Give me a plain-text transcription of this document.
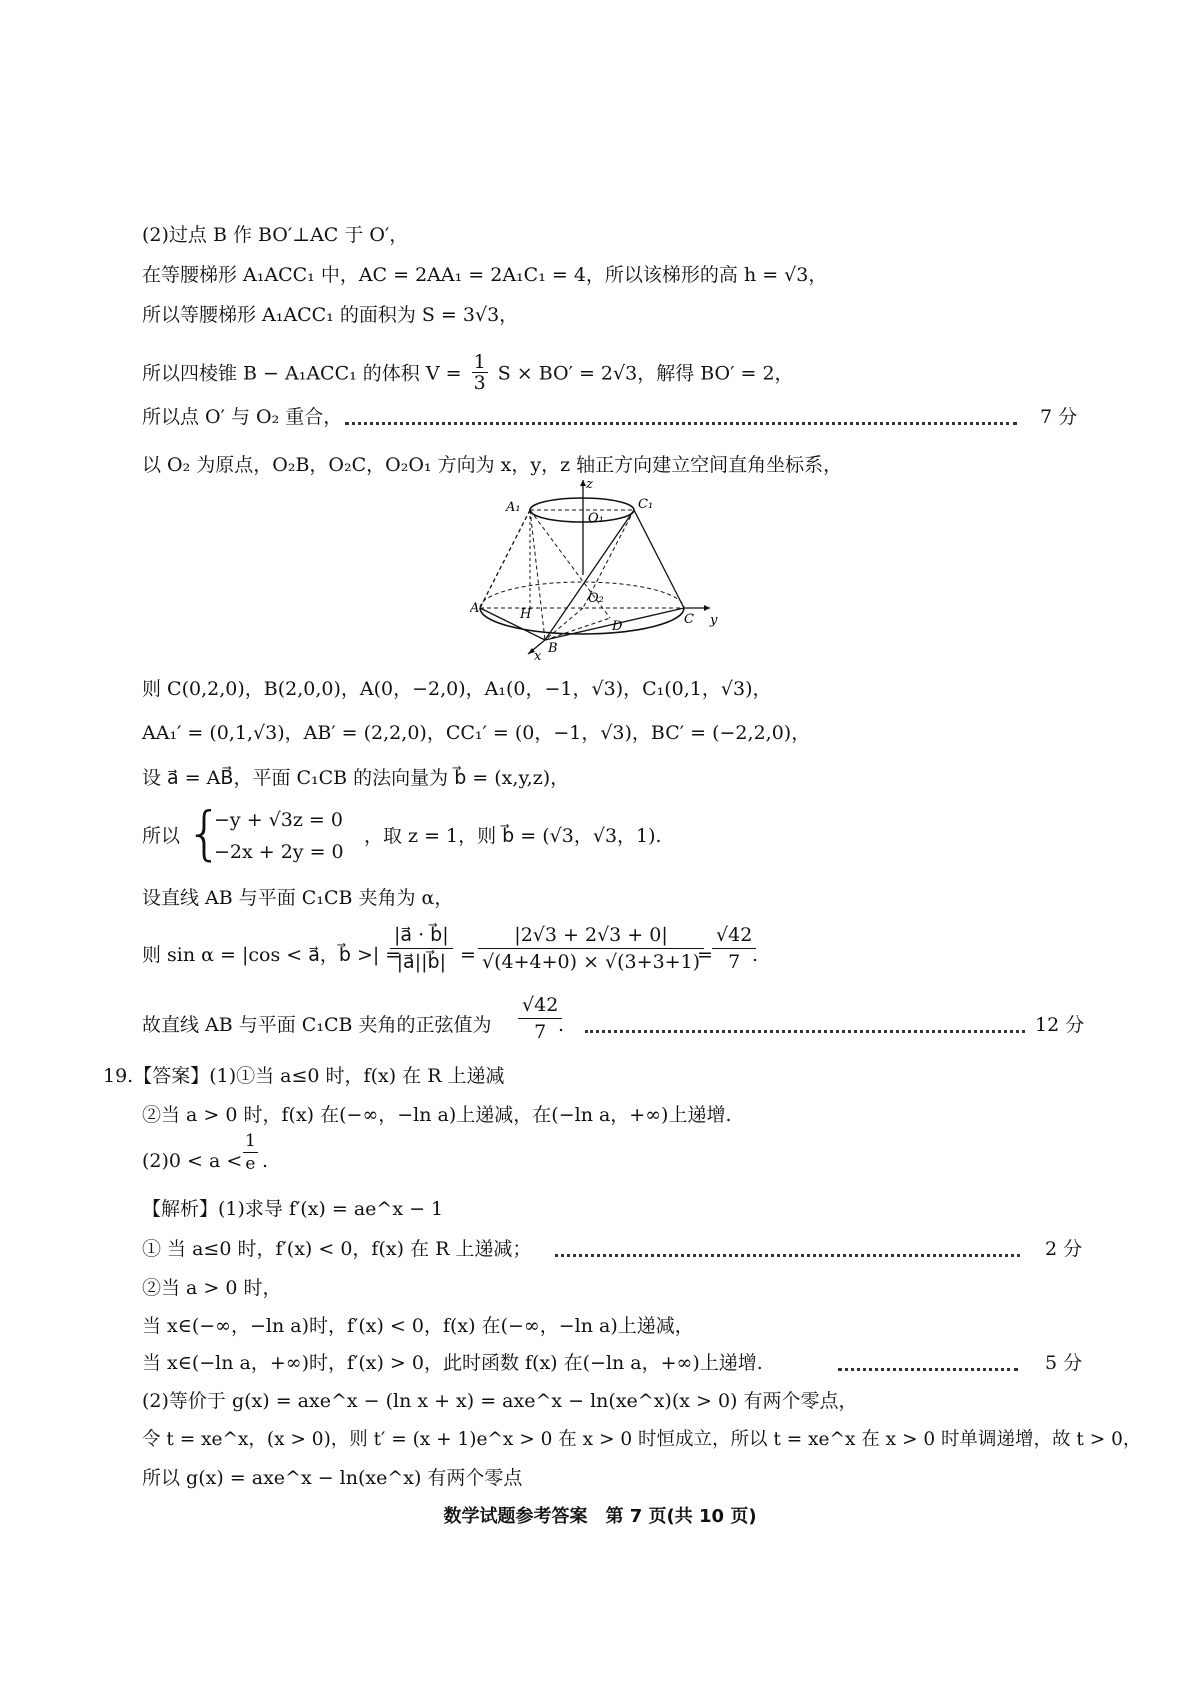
(2)过点 B 作 BO′⊥AC 于 O′，
在等腰梯形 A₁ACC₁ 中，AC = 2AA₁ = 2A₁C₁ = 4，所以该梯形的高 h = √3，
所以等腰梯形 A₁ACC₁ 的面积为 S = 3√3，
所以四棱锥 B − A₁ACC₁ 的体积 $V = \frac{1}{3}$ S × BO′ = 2√3，解得 BO′ = 2，
所以点 O′ 与 O₂ 重合，	7 分
以 O₂ 为原点，O₂B，O₂C，O₂O₁ 方向为 x，y，z 轴正方向建立空间直角坐标系，
z
A₁
O₁
C₁
O₂
A	H
D	C y
B
x
则 C(0,2,0)，B(2,0,0)，A(0，−2,0)，A₁(0，−1，√3)，C₁(0,1，√3)，
AA₁′ = (0,1,√3)，AB′ = (2,2,0)，CC₁′ = (0，−1，√3)，BC′ = (−2,2,0)，
设 a⃗ = AB⃗，平面 C₁CB 的法向量为 b⃗ = (x,y,z)，
所以 {
−y + √3z = 0
−2x + 2y = 0
，取 z = 1，则 b⃗ = (√3，√3，1).
设直线 AB 与平面 C₁CB 夹角为 α，
则 sin α = |cos < a⃗，b⃗ >| =
$\frac{|a⃗ \cdot b⃗|}{|a⃗||b⃗|} = \frac{|2√3 + 2√3 + 0|}{√(4+4+0) \times √(3+3+1)}$
= $\frac{√42}{7}$
.
故直线 AB 与平面 C₁CB 夹角的正弦值为 $\frac{√42}{7}$
.	12 分
19.【答案】(1)①当 a≤0 时，f(x) 在 R 上递减
②当 a > 0 时，f(x) 在(−∞，−ln a)上递减，在(−ln a，+∞)上递增.
$(2)0 < a < \frac{1}{e}$ .
【解析】(1)求导 f′(x) = ae^x − 1
① 当 a≤0 时，f′(x) < 0，f(x) 在 R 上递减；	2 分
②当 a > 0 时，
当 x∈(−∞，−ln a)时，f′(x) < 0，f(x) 在(−∞，−ln a)上递减，
当 x∈(−ln a，+∞)时，f′(x) > 0，此时函数 f(x) 在(−ln a，+∞)上递增.	5 分
(2)等价于 g(x) = axe^x − (ln x + x) = axe^x − ln(xe^x)(x > 0) 有两个零点，
令 t = xe^x，(x > 0)，则 t′ = (x + 1)e^x > 0 在 x > 0 时恒成立，所以 t = xe^x 在 x > 0 时单调递增，故 t > 0，
所以 g(x) = axe^x − ln(xe^x) 有两个零点
数学试题参考答案　第 7 页(共 10 页)
